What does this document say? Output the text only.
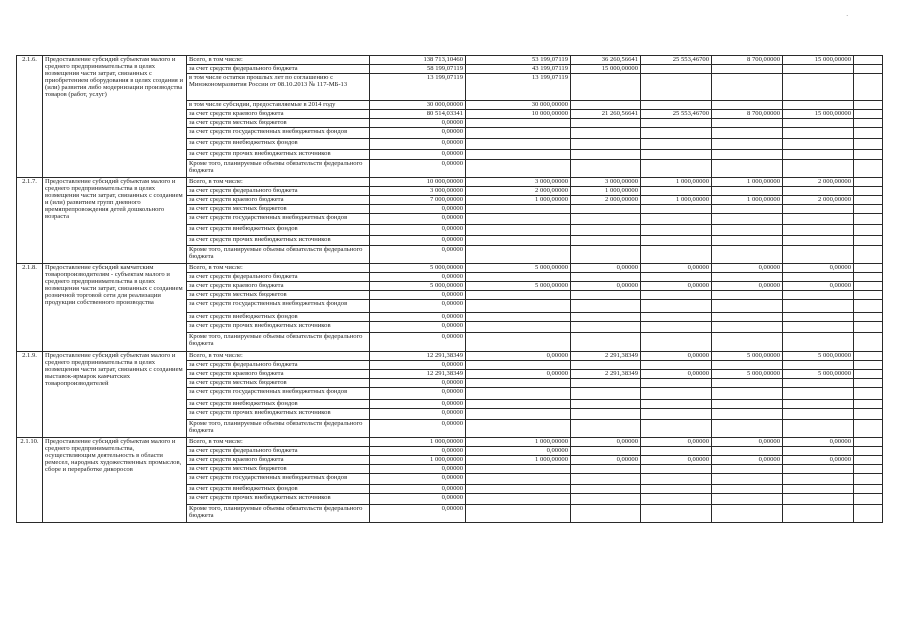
·
2.1.6.	Предоставление субсидий субъектам малого и среднего предпринимательства в целях возмещения части затрат, связанных с приобретением оборудования в целях создания и (или) развития либо модернизации производства товаров (работ, услуг)	Всего, в том числе:	138 713,10460	53 199,07119	36 260,56641	25 553,46700	8 700,00000	15 000,00000	
		за счет средств федерального бюджета	58 199,07119	43 199,07119	15 000,00000				
		в том числе остатки прошлых лет по соглашению с Минэкономразвития России от 08.10.2013 № 117-МБ-13	13 199,07119	13 199,07119					
		в том числе субсидии, предоставляемые в 2014 году	30 000,00000	30 000,00000					
		за счет средств краевого бюджета	80 514,03341	10 000,00000	21 260,56641	25 553,46700	8 700,00000	15 000,00000	
		за счет средств местных бюджетов	0,00000						
		за счет средств государственных внебюджетных фондов	0,00000						
		за счет средств внебюджетных фондов	0,00000						
		за счет средств прочих внебюджетных источников	0,00000						
		Кроме того, планируемые объемы обязательств федерального бюджета	0,00000						
2.1.7.	Предоставление субсидий субъектам малого и среднего предпринимательства в целях возмещения части затрат, связанных с созданием и (или) развитием групп дневного времяпрепровождения детей дошкольного возраста	Всего, в том числе:	10 000,00000	3 000,00000	3 000,00000	1 000,00000	1 000,00000	2 000,00000	
		за счет средств федерального бюджета	3 000,00000	2 000,00000	1 000,00000				
		за счет средств краевого бюджета	7 000,00000	1 000,00000	2 000,00000	1 000,00000	1 000,00000	2 000,00000	
		за счет средств местных бюджетов	0,00000						
		за счет средств государственных внебюджетных фондов	0,00000						
		за счет средств внебюджетных фондов	0,00000						
		за счет средств прочих внебюджетных источников	0,00000						
		Кроме того, планируемые объемы обязательств федерального бюджета	0,00000						
2.1.8.	Предоставление субсидий камчатским товаропроизводителям - субъектам малого и среднего предпринимательства в целях возмещения части затрат, связанных с созданием розничной торговой сети для реализации продукции собственного производства	Всего, в том числе:	5 000,00000	5 000,00000	0,00000	0,00000	0,00000	0,00000	
		за счет средств федерального бюджета	0,00000						
		за счет средств краевого бюджета	5 000,00000	5 000,00000	0,00000	0,00000	0,00000	0,00000	
		за счет средств местных бюджетов	0,00000						
		за счет средств государственных внебюджетных фондов	0,00000						
		за счет средств внебюджетных фондов	0,00000						
		за счет средств прочих внебюджетных источников	0,00000						
		Кроме того, планируемые объемы обязательств федерального бюджета	0,00000						
2.1.9.	Предоставление субсидий субъектам малого и среднего предпринимательства в целях возмещения части затрат, связанных с созданием выставок-ярмарок камчатских товаропроизводителей	Всего, в том числе:	12 291,38349	0,00000	2 291,38349	0,00000	5 000,00000	5 000,00000	
		за счет средств федерального бюджета	0,00000						
		за счет средств краевого бюджета	12 291,38349	0,00000	2 291,38349	0,00000	5 000,00000	5 000,00000	
		за счет средств местных бюджетов	0,00000						
		за счет средств государственных внебюджетных фондов	0,00000						
		за счет средств внебюджетных фондов	0,00000						
		за счет средств прочих внебюджетных источников	0,00000						
		Кроме того, планируемые объемы обязательств федерального бюджета	0,00000						
2.1.10.	Предоставление субсидий субъектам малого и среднего предпринимательства, осуществляющим деятельность в области ремесел, народных художественных промыслов, сборе и переработке дикоросов	Всего, в том числе:	1 000,00000	1 000,00000	0,00000	0,00000	0,00000	0,00000	
		за счет средств федерального бюджета	0,00000	0,00000					
		за счет средств краевого бюджета	1 000,00000	1 000,00000	0,00000	0,00000	0,00000	0,00000	
		за счет средств местных бюджетов	0,00000						
		за счет средств государственных внебюджетных фондов	0,00000						
		за счет средств внебюджетных фондов	0,00000						
		за счет средств прочих внебюджетных источников	0,00000						
		Кроме того, планируемые объемы обязательств федерального бюджета	0,00000						
